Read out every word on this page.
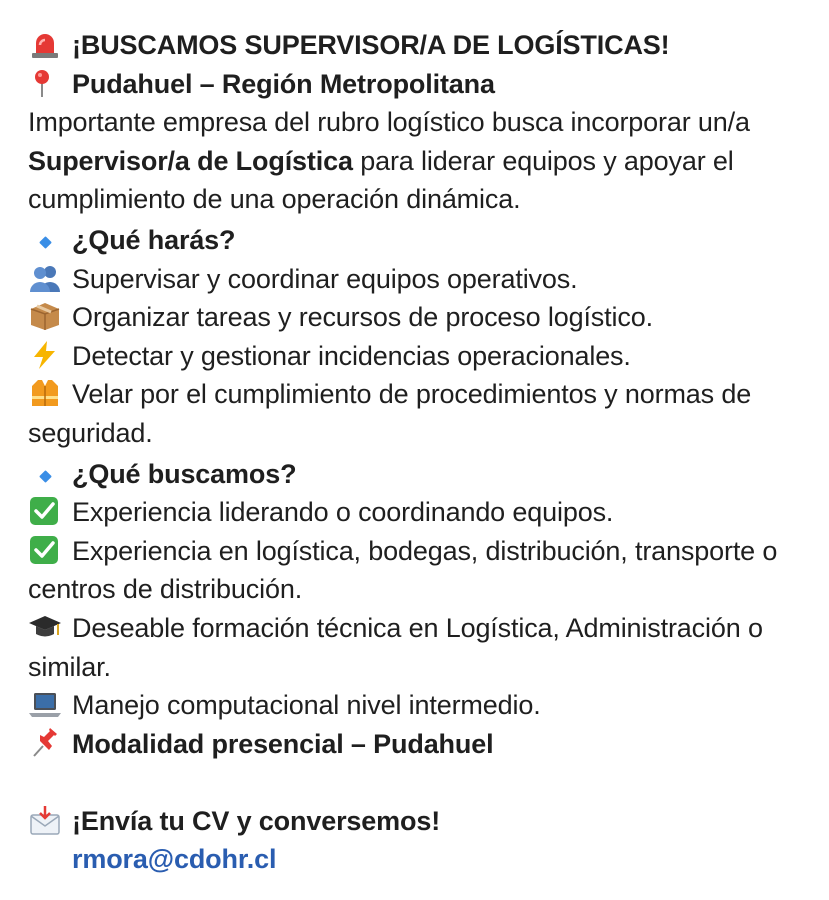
¡BUSCAMOS SUPERVISOR/A DE LOGÍSTICAS!
Pudahuel – Región Metropolitana
Importante empresa del rubro logístico busca incorporar un/a Supervisor/a de Logística para liderar equipos y apoyar el cumplimiento de una operación dinámica.
¿Qué harás?
Supervisar y coordinar equipos operativos.
Organizar tareas y recursos de proceso logístico.
Detectar y gestionar incidencias operacionales.
Velar por el cumplimiento de procedimientos y normas de seguridad.
¿Qué buscamos?
Experiencia liderando o coordinando equipos.
Experiencia en logística, bodegas, distribución, transporte o centros de distribución.
Deseable formación técnica en Logística, Administración o similar.
Manejo computacional nivel intermedio.
Modalidad presencial – Pudahuel
¡Envía tu CV y conversemos!
rmora@cdohr.cl
